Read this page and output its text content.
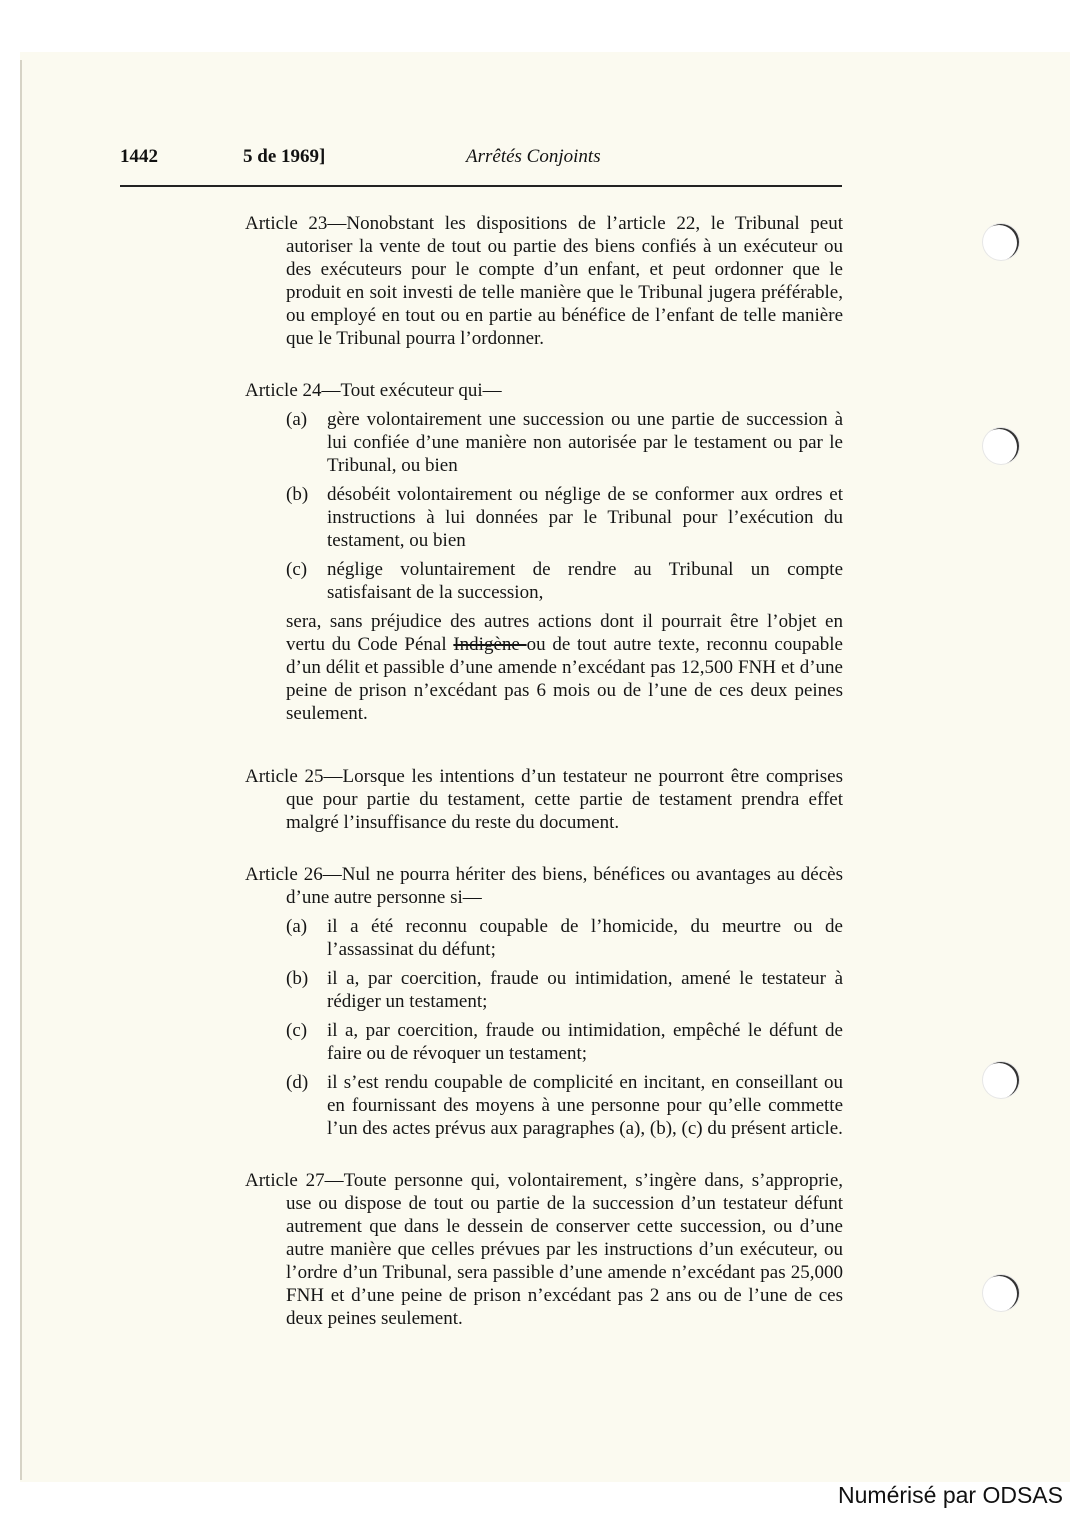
1442	5 de 1969]	Arrêtés Conjoints
Article 23—Nonobstant les dispositions de l’article 22, le Tribunal peut autoriser la vente de tout ou partie des biens confiés à un exécuteur ou des exécuteurs pour le compte d’un enfant, et peut ordonner que le produit en soit investi de telle manière que le Tribunal jugera préférable, ou employé en tout ou en partie au bénéfice de l’enfant de telle manière que le Tribunal pourra l’ordonner.
Article 24—Tout exécuteur qui—
(a)	gère volontairement une succession ou une partie de succession à lui confiée d’une manière non autorisée par le testament ou par le Tribunal, ou bien
(b) désobéit volontairement ou néglige de se conformer aux ordres et instructions à lui données par le Tribunal pour l’exécution du testament, ou bien
(c)	néglige voluntairement de rendre au Tribunal un compte satisfaisant de la succession,
sera, sans préjudice des autres actions dont il pourrait être l’objet en vertu du Code Pénal Indigène ou de tout autre texte, reconnu coupable d’un délit et passible d’une amende n’excédant pas 12,500 FNH et d’une peine de prison n’excédant pas 6 mois ou de l’une de ces deux peines seulement.
Article 25—Lorsque les intentions d’un testateur ne pourront être comprises que pour partie du testament, cette partie de testament prendra effet malgré l’insuffisance du reste du document.
Article 26—Nul ne pourra hériter des biens, bénéfices ou avantages au décès d’une autre personne si—
(a)	il a été reconnu coupable de l’homicide, du meurtre ou de l’assassinat du défunt;
(b) il a, par coercition, fraude ou intimidation, amené le testateur à rédiger un testament;
(c)	il a, par coercition, fraude ou intimidation, empêché le défunt de faire ou de révoquer un testament;
(d) il s’est rendu coupable de complicité en incitant, en conseillant ou en fournissant des moyens à une personne pour qu’elle commette l’un des actes prévus aux paragraphes (a), (b), (c) du présent article.
Article 27—Toute personne qui, volontairement, s’ingère dans, s’approprie, use ou dispose de tout ou partie de la succession d’un testateur défunt autrement que dans le dessein de conserver cette succession, ou d’une autre manière que celles prévues par les instructions d’un exécuteur, ou l’ordre d’un Tribunal, sera passible d’une amende n’excédant pas 25,000 FNH et d’une peine de prison n’excédant pas 2 ans ou de l’une de ces deux peines seulement.
Numérisé par ODSAS
